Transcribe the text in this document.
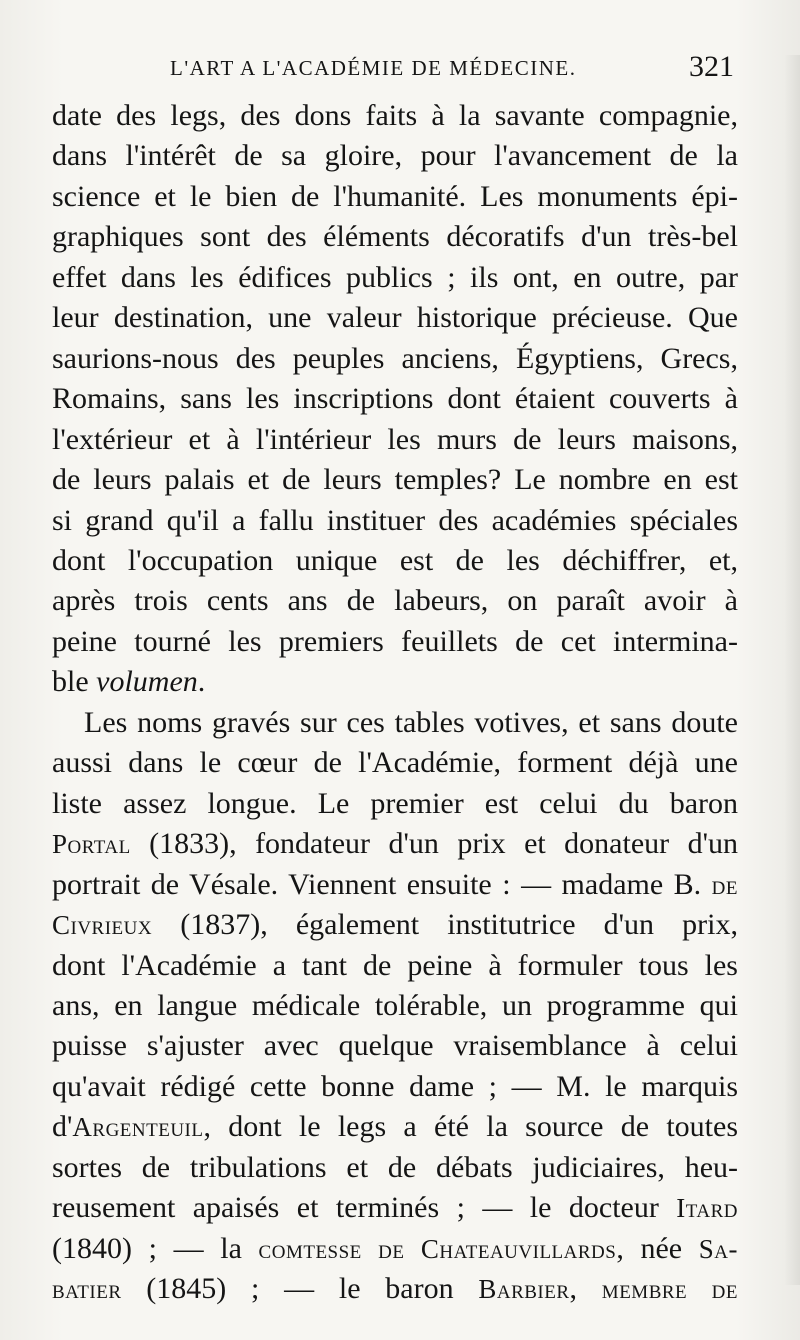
L'ART A L'ACADÉMIE DE MÉDECINE.	321
date des legs, des dons faits à la savante compagnie,
dans l'intérêt de sa gloire, pour l'avancement de la
science et le bien de l'humanité. Les monuments épi-
graphiques sont des éléments décoratifs d'un très-bel
effet dans les édifices publics ; ils ont, en outre, par
leur destination, une valeur historique précieuse. Que
saurions-nous des peuples anciens, Égyptiens, Grecs,
Romains, sans les inscriptions dont étaient couverts à
l'extérieur et à l'intérieur les murs de leurs maisons,
de leurs palais et de leurs temples? Le nombre en est
si grand qu'il a fallu instituer des académies spéciales
dont l'occupation unique est de les déchiffrer, et,
après trois cents ans de labeurs, on paraît avoir à
peine tourné les premiers feuillets de cet intermina-
ble volumen.
Les noms gravés sur ces tables votives, et sans doute
aussi dans le cœur de l'Académie, forment déjà une
liste assez longue. Le premier est celui du baron
Portal (1833), fondateur d'un prix et donateur d'un
portrait de Vésale. Viennent ensuite : — madame B. de
Civrieux (1837), également institutrice d'un prix,
dont l'Académie a tant de peine à formuler tous les
ans, en langue médicale tolérable, un programme qui
puisse s'ajuster avec quelque vraisemblance à celui
qu'avait rédigé cette bonne dame ; — M. le marquis
d'Argenteuil, dont le legs a été la source de toutes
sortes de tribulations et de débats judiciaires, heu-
reusement apaisés et terminés ; — le docteur Itard
(1840) ; — la comtesse de Chateauvillards, née Sa-
batier (1845) ; — le baron Barbier, membre de
